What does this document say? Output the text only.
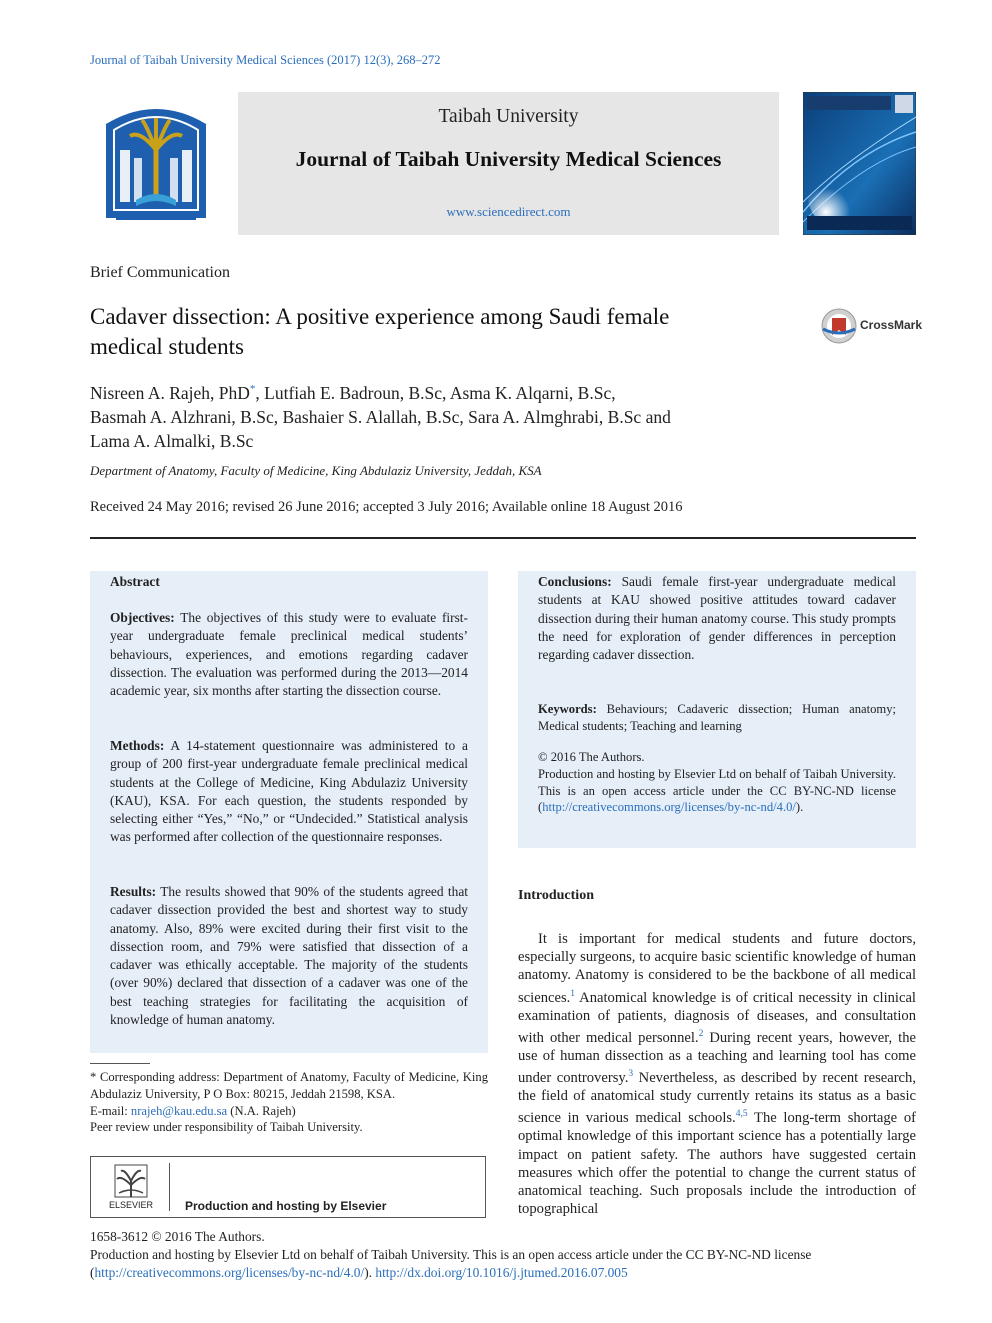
Journal of Taibah University Medical Sciences (2017) 12(3), 268–272
Taibah University
Journal of Taibah University Medical Sciences
www.sciencedirect.com
Brief Communication
Cadaver dissection: A positive experience among Saudi female
medical students
CrossMark
Nisreen A. Rajeh, PhD*, Lutfiah E. Badroun, B.Sc, Asma K. Alqarni, B.Sc,
Basmah A. Alzhrani, B.Sc, Bashaier S. Alallah, B.Sc, Sara A. Almghrabi, B.Sc and
Lama A. Almalki, B.Sc
Department of Anatomy, Faculty of Medicine, King Abdulaziz University, Jeddah, KSA
Received 24 May 2016; revised 26 June 2016; accepted 3 July 2016; Available online 18 August 2016

Abstract

Objectives: The objectives of this study were to evaluate first-year undergraduate female preclinical medical students’ behaviours, experiences, and emotions regarding cadaver dissection. The evaluation was performed during the 2013—2014 academic year, six months after starting the dissection course.

Methods: A 14-statement questionnaire was administered to a group of 200 first-year undergraduate female preclinical medical students at the College of Medicine, King Abdulaziz University (KAU), KSA. For each question, the students responded by selecting either “Yes,” “No,” or “Undecided.” Statistical analysis was performed after collection of the questionnaire responses.

Results: The results showed that 90% of the students agreed that cadaver dissection provided the best and shortest way to study anatomy. Also, 89% were excited during their first visit to the dissection room, and 79% were satisfied that dissection of a cadaver was ethically acceptable. The majority of the students (over 90%) declared that dissection of a cadaver was one of the best teaching strategies for facilitating the acquisition of knowledge of human anatomy.

Conclusions: Saudi female first-year undergraduate medical students at KAU showed positive attitudes toward cadaver dissection during their human anatomy course. This study prompts the need for exploration of gender differences in perception regarding cadaver dissection.

Keywords: Behaviours; Cadaveric dissection; Human anatomy; Medical students; Teaching and learning

© 2016 The Authors.

Production and hosting by Elsevier Ltd on behalf of Taibah University. This is an open access article under the CC BY-NC-ND license (http://creativecommons.org/licenses/by-nc-nd/4.0/).

* Corresponding address: Department of Anatomy, Faculty of Medicine, King Abdulaziz University, P O Box: 80215, Jeddah 21598, KSA.

E-mail: nrajeh@kau.edu.sa (N.A. Rajeh)

Peer review under responsibility of Taibah University.

ELSEVIER	Production and hosting by Elsevier
Introduction

It is important for medical students and future doctors, especially surgeons, to acquire basic scientific knowledge of human anatomy. Anatomy is considered to be the backbone of all medical sciences.$^1$ Anatomical knowledge is of critical necessity in clinical examination of patients, diagnosis of diseases, and consultation with other medical personnel.$^2$ During recent years, however, the use of human dissection as a teaching and learning tool has come under controversy.$^3$ Nevertheless, as described by recent research, the field of anatomical study currently retains its status as a basic science in various medical schools.$^{4,5}$ The long-term shortage of optimal knowledge of this important science has a potentially large impact on patient safety. The authors have suggested certain measures which offer the potential to change the current status of anatomical teaching. Such proposals include the introduction of topographical

1658-3612 © 2016 The Authors.

Production and hosting by Elsevier Ltd on behalf of Taibah University. This is an open access article under the CC BY-NC-ND license

(http://creativecommons.org/licenses/by-nc-nd/4.0/). http://dx.doi.org/10.1016/j.jtumed.2016.07.005
